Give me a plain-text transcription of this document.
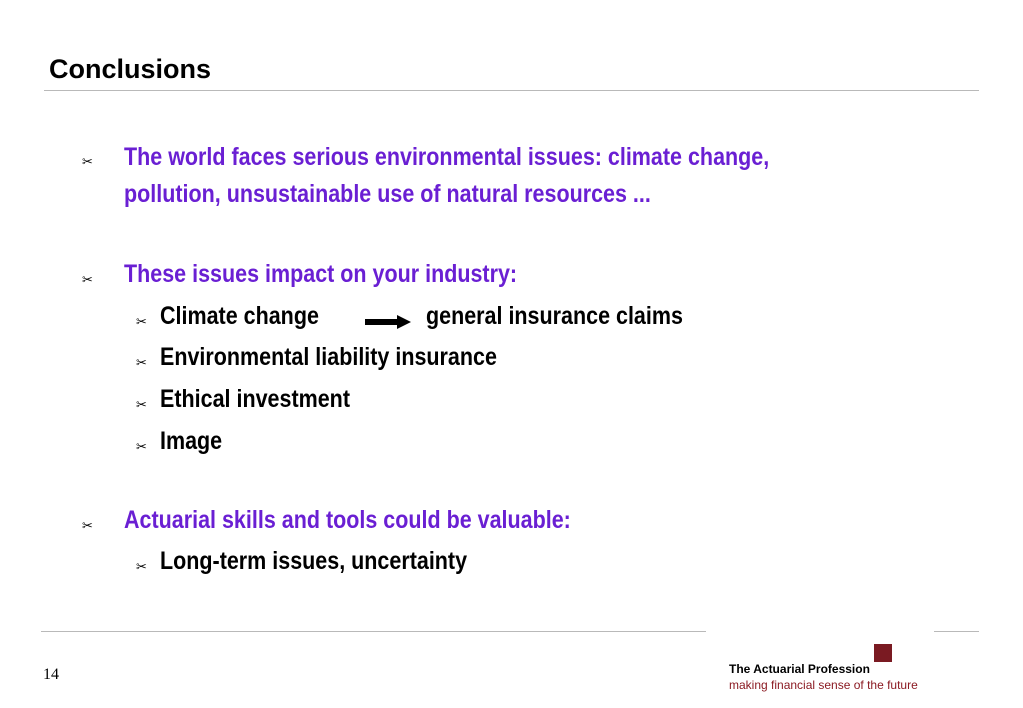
Conclusions
✂ The world faces serious environmental issues: climate change,
pollution, unsustainable use of natural resources ...
✂ These issues impact on your industry:
✂ Climate change	general insurance claims
✂ Environmental liability insurance
✂ Ethical investment
✂ Image
✂ Actuarial skills and tools could be valuable:
✂ Long-term issues, uncertainty
14	The Actuarial Profession
making financial sense of the future
